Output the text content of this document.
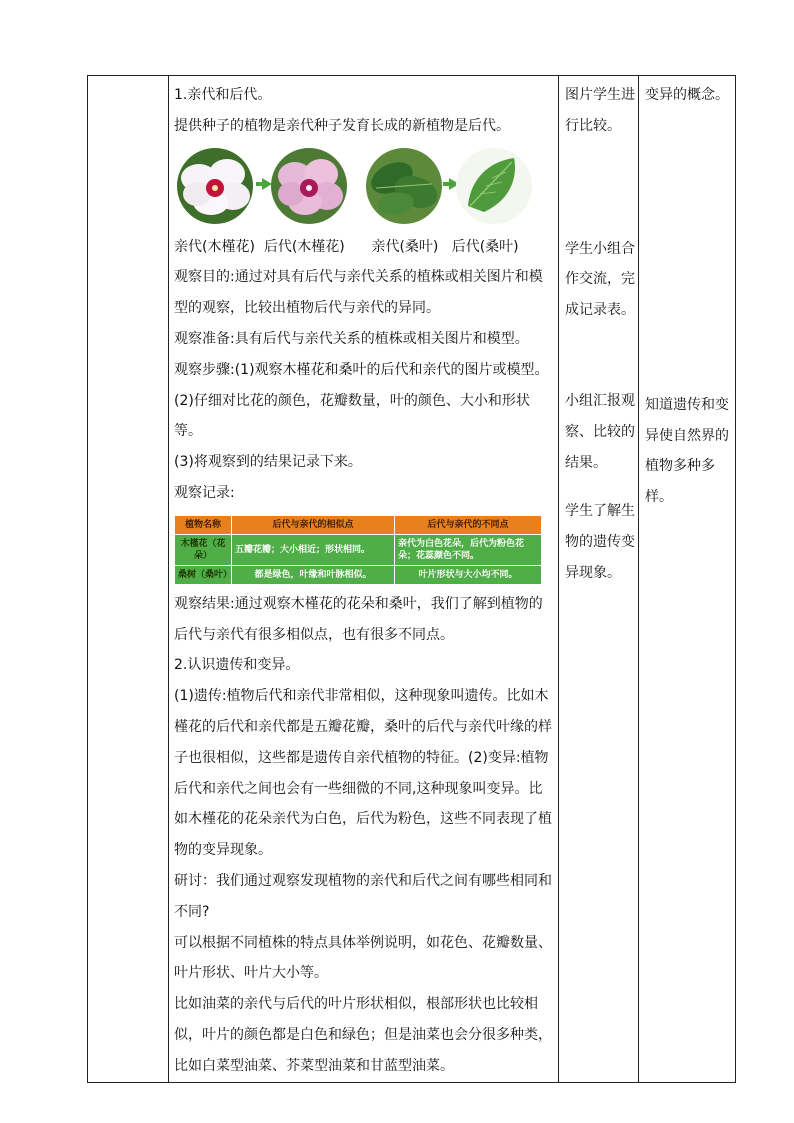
1.亲代和后代。

提供种子的植物是亲代种子发育长成的新植物是后代。

亲代(木槿花)  后代(木槿花)      亲代(桑叶)   后代(桑叶)

观察目的:通过对具有后代与亲代关系的植株或相关图片和模型的观察，比较出植物后代与亲代的异同。

观察准备:具有后代与亲代关系的植株或相关图片和模型。

观察步骤:(1)观察木槿花和桑叶的后代和亲代的图片或模型。

(2)仔细对比花的颜色，花瓣数量，叶的颜色、大小和形状等。

(3)将观察到的结果记录下来。

观察记录:

植物名称	后代与亲代的相似点	后代与亲代的不同点
木槿花（花朵）	五瓣花瓣；大小相近；形状相同。	亲代为白色花朵，后代为粉色花朵；花蕊颜色不同。
桑树（桑叶）	都是绿色，叶缘和叶脉相似。	叶片形状与大小均不同。

观察结果:通过观察木槿花的花朵和桑叶，我们了解到植物的后代与亲代有很多相似点，也有很多不同点。

2.认识遗传和变异。

(1)遗传:植物后代和亲代非常相似，这种现象叫遗传。比如木槿花的后代和亲代都是五瓣花瓣，桑叶的后代与亲代叶缘的样子也很相似，这些都是遗传自亲代植物的特征。(2)变异:植物后代和亲代之间也会有一些细微的不同,这种现象叫变异。比如木槿花的花朵亲代为白色，后代为粉色，这些不同表现了植物的变异现象。

研讨：我们通过观察发现植物的亲代和后代之间有哪些相同和不同?

可以根据不同植株的特点具体举例说明，如花色、花瓣数量、叶片形状、叶片大小等。

比如油菜的亲代与后代的叶片形状相似，根部形状也比较相似，叶片的颜色都是白色和绿色；但是油菜也会分很多种类，比如白菜型油菜、芥菜型油菜和甘蓝型油菜。

图片学生进行比较。

学生小组合作交流，完成记录表。

小组汇报观察、比较的结果。

学生了解生物的遗传变异现象。

变异的概念。

知道遗传和变异使自然界的植物多种多样。
